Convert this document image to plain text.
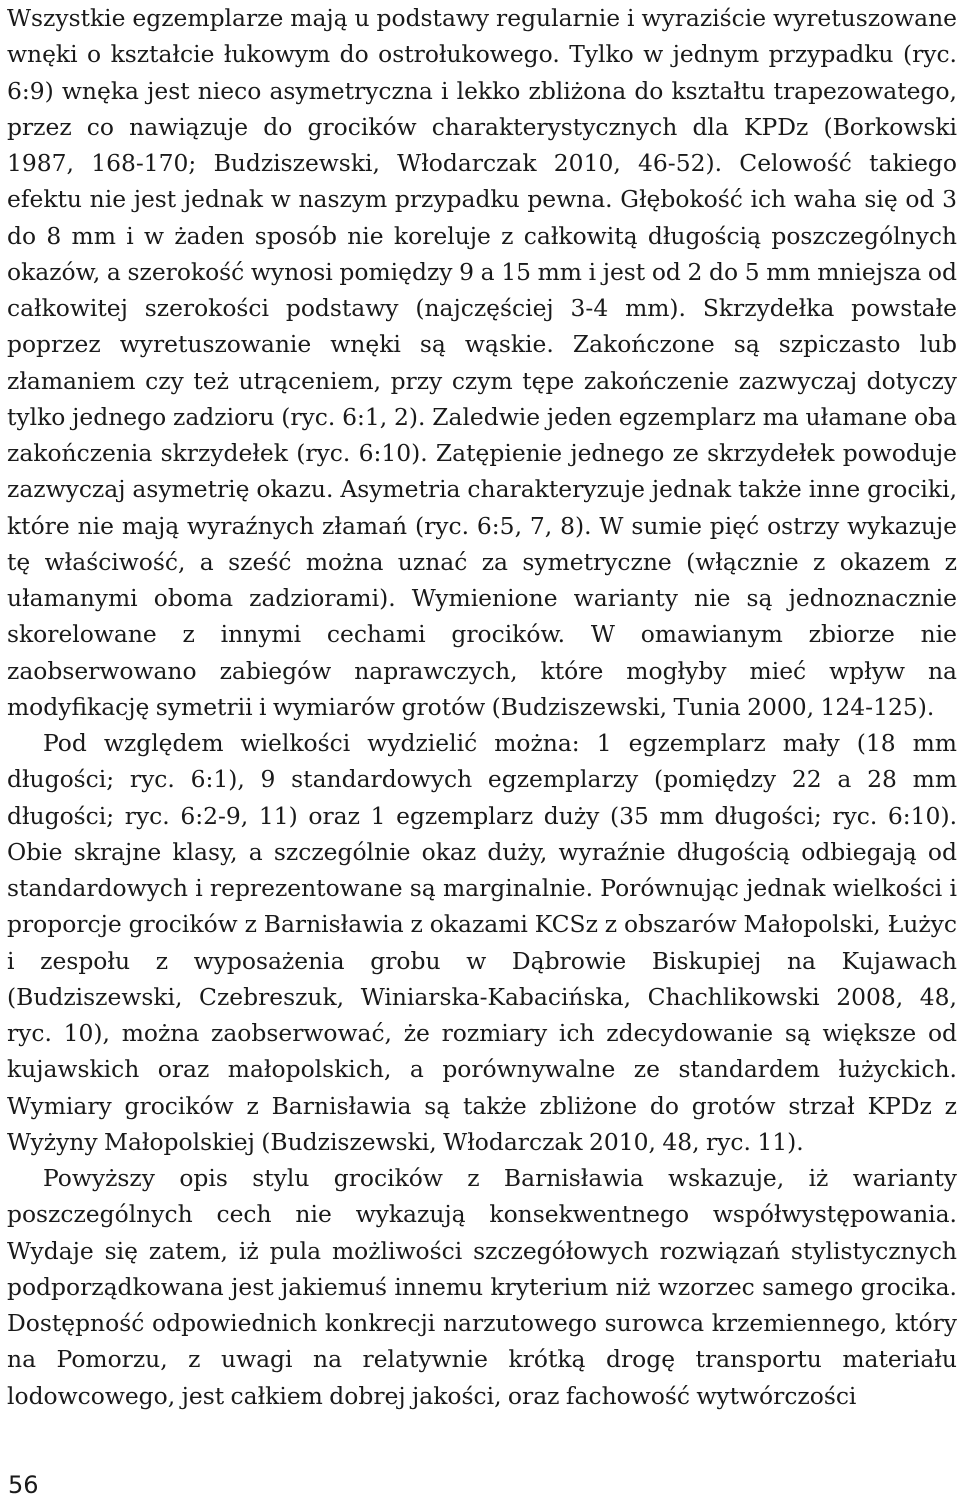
Wszystkie egzemplarze mają u podstawy regularnie i wyraziście wyretuszowane wnęki o kształcie łukowym do ostrołukowego. Tylko w jednym przypadku (ryc. 6:9) wnęka jest nieco asymetryczna i lekko zbliżona do kształtu trapezowatego, przez co nawiązuje do grocików charakterystycznych dla KPDz (Borkowski 1987, 168-170; Budziszewski, Włodarczak 2010, 46-52). Celowość takiego efektu nie jest jednak w naszym przypadku pewna. Głębokość ich waha się od 3 do 8 mm i w żaden sposób nie koreluje z całkowitą długością poszczególnych okazów, a szerokość wynosi pomiędzy 9 a 15 mm i jest od 2 do 5 mm mniejsza od całkowitej szerokości podstawy (najczęściej 3-4 mm). Skrzydełka powstałe poprzez wyretuszowanie wnęki są wąskie. Zakończone są szpiczasto lub złamaniem czy też utrąceniem, przy czym tępe zakończenie zazwyczaj dotyczy tylko jednego zadzioru (ryc. 6:1, 2). Zaledwie jeden egzemplarz ma ułamane oba zakończenia skrzydełek (ryc. 6:10). Zatępienie jednego ze skrzydełek powoduje zazwyczaj asymetrię okazu. Asymetria charakteryzuje jednak także inne grociki, które nie mają wyraźnych złamań (ryc. 6:5, 7, 8). W sumie pięć ostrzy wykazuje tę właściwość, a sześć można uznać za symetryczne (włącznie z okazem z ułamanymi oboma zadziorami). Wymienione warianty nie są jednoznacznie skorelowane z innymi cechami grocików. W omawianym zbiorze nie zaobserwowano zabiegów naprawczych, które mogłyby mieć wpływ na modyfikację symetrii i wymiarów grotów (Budziszewski, Tunia 2000, 124-125).

Pod względem wielkości wydzielić można: 1 egzemplarz mały (18 mm długości; ryc. 6:1), 9 standardowych egzemplarzy (pomiędzy 22 a 28 mm długości; ryc. 6:2-9, 11) oraz 1 egzemplarz duży (35 mm długości; ryc. 6:10). Obie skrajne klasy, a szczególnie okaz duży, wyraźnie długością odbiegają od standardowych i reprezentowane są marginalnie. Porównując jednak wielkości i proporcje grocików z Barnisławia z okazami KCSz z obszarów Małopolski, Łużyc i zespołu z wyposażenia grobu w Dąbrowie Biskupiej na Kujawach (Budziszewski, Czebreszuk, Winiarska-Kabacińska, Chachlikowski 2008, 48, ryc. 10), można zaobserwować, że rozmiary ich zdecydowanie są większe od kujawskich oraz małopolskich, a porównywalne ze standardem łużyckich. Wymiary grocików z Barnisławia są także zbliżone do grotów strzał KPDz z Wyżyny Małopolskiej (Budziszewski, Włodarczak 2010, 48, ryc. 11).

Powyższy opis stylu grocików z Barnisławia wskazuje, iż warianty poszczególnych cech nie wykazują konsekwentnego współwystępowania. Wydaje się zatem, iż pula możliwości szczegółowych rozwiązań stylistycznych podporządkowana jest jakiemuś innemu kryterium niż wzorzec samego grocika. Dostępność odpowiednich konkrecji narzutowego surowca krzemiennego, który na Pomorzu, z uwagi na relatywnie krótką drogę transportu materiału lodowcowego, jest całkiem dobrej jakości, oraz fachowość wytwórczości

56
